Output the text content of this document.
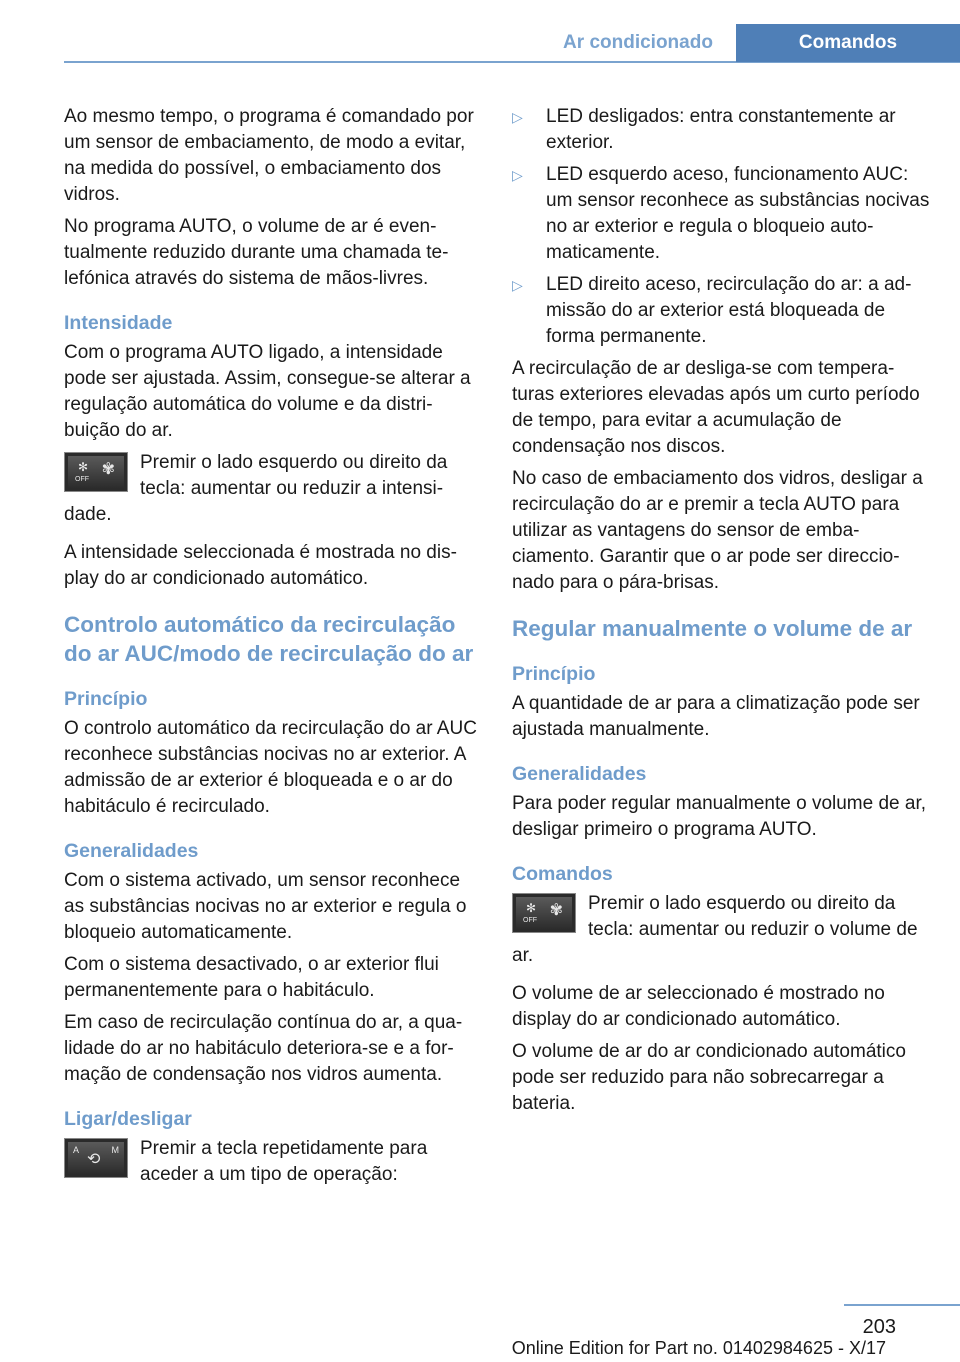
Ar condicionado	Comandos

Ao mesmo tempo, o programa é comandado por um sensor de embaciamento, de modo a evitar, na medida do possível, o embaciamento dos vidros.

No programa AUTO, o volume de ar é eventualmente reduzido durante uma chamada telefónica através do sistema de mãos-livres.

Intensidade

Com o programa AUTO ligado, a intensidade pode ser ajustada. Assim, consegue-se alterar a regulação automática do volume e da distribuição do ar.

✻
OFF
✾	Premir o lado esquerdo ou direito da tecla: aumentar ou reduzir a intensidade.

A intensidade seleccionada é mostrada no display do ar condicionado automático.

Controlo automático da recirculação do ar AUC/modo de recirculação do ar
Princípio

O controlo automático da recirculação do ar AUC reconhece substâncias nocivas no ar exterior. A admissão de ar exterior é bloqueada e o ar do habitáculo é recirculado.

Generalidades

Com o sistema activado, um sensor reconhece as substâncias nocivas no ar exterior e regula o bloqueio automaticamente.

Com o sistema desactivado, o ar exterior flui permanentemente para o habitáculo.

Em caso de recirculação contínua do ar, a qualidade do ar no habitáculo deteriora-se e a formação de condensação nos vidros aumenta.

Ligar/desligar
A	M
⟲

Premir a tecla repetidamente para aceder a um tipo de operação:

▷ LED desligados: entra constantemente ar exterior.
▷ LED esquerdo aceso, funcionamento AUC: um sensor reconhece as substâncias nocivas no ar exterior e regula o bloqueio automaticamente.
▷ LED direito aceso, recirculação do ar: a admissão do ar exterior está bloqueada de forma permanente.

A recirculação de ar desliga-se com temperaturas exteriores elevadas após um curto período de tempo, para evitar a acumulação de condensação nos discos.

No caso de embaciamento dos vidros, desligar a recirculação do ar e premir a tecla AUTO para utilizar as vantagens do sensor de embaciamento. Garantir que o ar pode ser direccionado para o pára-brisas.

Regular manualmente o volume de ar
Princípio

A quantidade de ar para a climatização pode ser ajustada manualmente.

Generalidades

Para poder regular manualmente o volume de ar, desligar primeiro o programa AUTO.

Comandos
✻
OFF
✾	Premir o lado esquerdo ou direito da tecla: aumentar ou reduzir o volume de ar.

O volume de ar seleccionado é mostrado no display do ar condicionado automático.

O volume de ar do ar condicionado automático pode ser reduzido para não sobrecarregar a bateria.

203
Online Edition for Part no. 01402984625 - X/17
